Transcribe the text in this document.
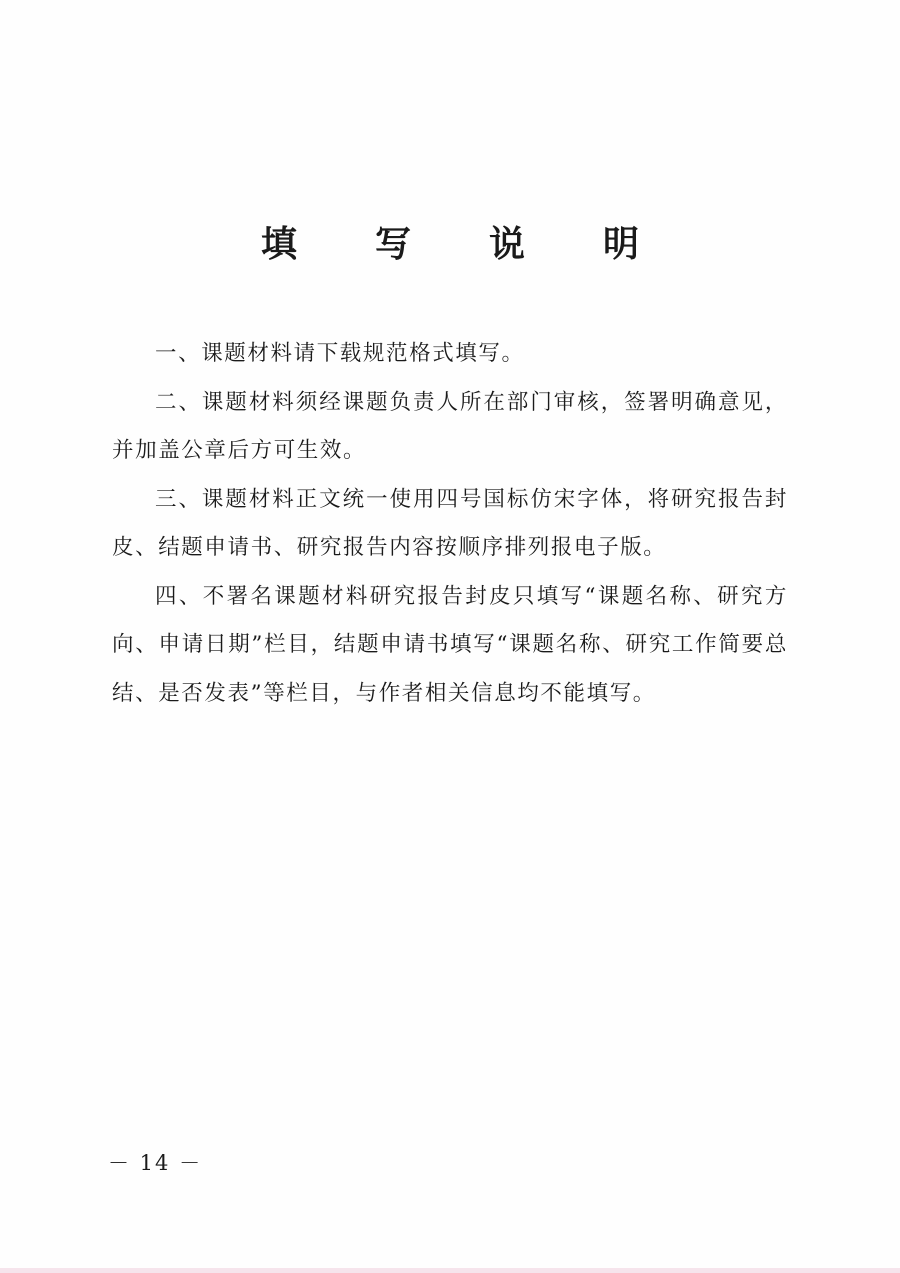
填写说明

一、课题材料请下载规范格式填写。

二、课题材料须经课题负责人所在部门审核，签署明确意见，并加盖公章后方可生效。

三、课题材料正文统一使用四号国标仿宋字体，将研究报告封皮、结题申请书、研究报告内容按顺序排列报电子版。

四、不署名课题材料研究报告封皮只填写“课题名称、研究方向、申请日期”栏目，结题申请书填写“课题名称、研究工作简要总结、是否发表”等栏目，与作者相关信息均不能填写。

－ 14 －
